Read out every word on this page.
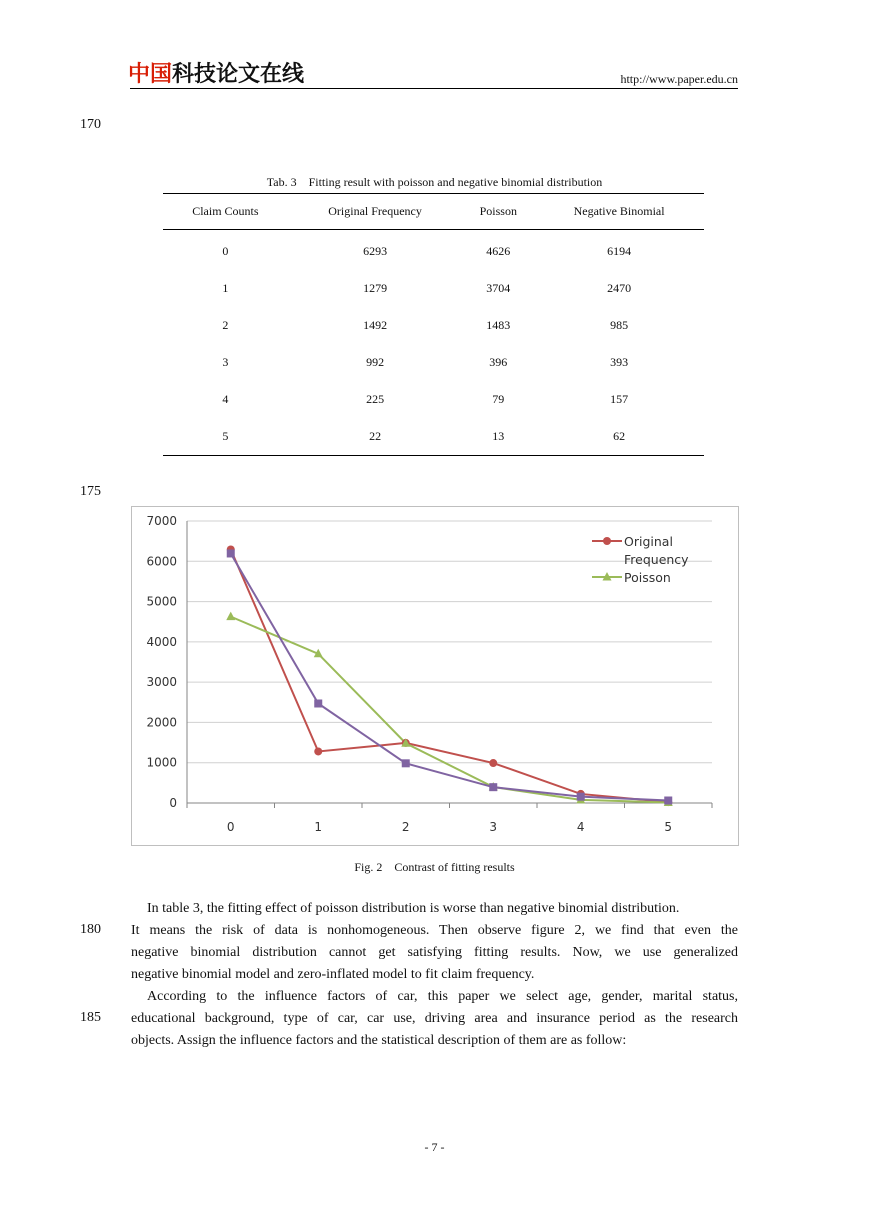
中国科技论文在线	http://www.paper.edu.cn
170
175
180
185
Tab. 3    Fitting result with poisson and negative binomial distribution
Claim Counts	Original Frequency	Poisson	Negative Binomial
0	6293	4626	6194
1	1279	3704	2470
2	1492	1483	985
3	992	396	393
4	225	79	157
5	22	13	62
0
1000
2000
3000
4000
5000
6000
7000
0	1	2	3	4	5
Original
Frequency
Poisson
Fig. 2    Contrast of fitting results

In table 3, the fitting effect of poisson distribution is worse than negative binomial distribution.

It means the risk of data is nonhomogeneous. Then observe figure 2, we find that even the
negative binomial distribution cannot get satisfying fitting results. Now, we use generalized
negative binomial model and zero-inflated model to fit claim frequency.
According to the influence factors of car, this paper we select age, gender, marital status,
educational background, type of car, car use, driving area and insurance period as the research
objects. Assign the influence factors and the statistical description of them are as follow:
- 7 -
